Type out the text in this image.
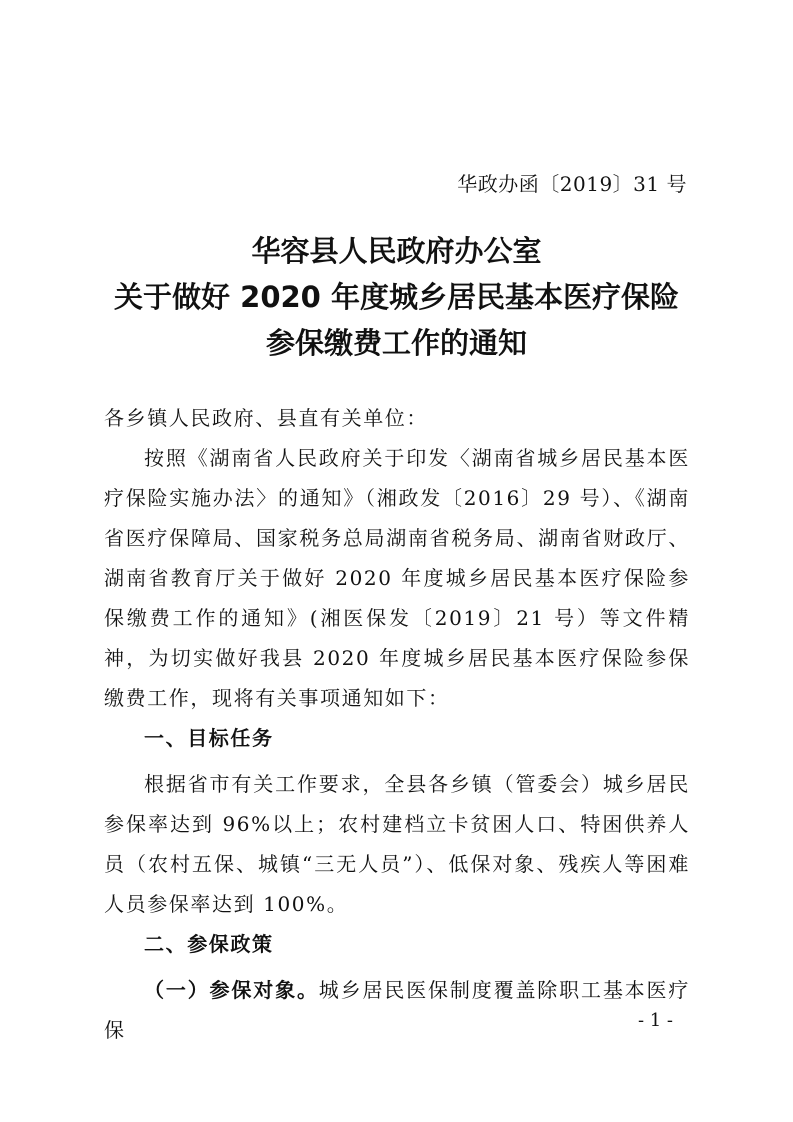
华政办函〔2019〕31 号
华容县人民政府办公室
关于做好 2020 年度城乡居民基本医疗保险
参保缴费工作的通知

各乡镇人民政府、县直有关单位：

按照《湖南省人民政府关于印发〈湖南省城乡居民基本医疗保险实施办法〉的通知》（湘政发〔2016〕29 号）、《湖南省医疗保障局、国家税务总局湖南省税务局、湖南省财政厅、湖南省教育厅关于做好 2020 年度城乡居民基本医疗保险参保缴费工作的通知》(湘医保发〔2019〕21 号）等文件精神，为切实做好我县 2020 年度城乡居民基本医疗保险参保缴费工作，现将有关事项通知如下：

一、目标任务

根据省市有关工作要求，全县各乡镇（管委会）城乡居民参保率达到 96%以上；农村建档立卡贫困人口、特困供养人员（农村五保、城镇“三无人员”）、低保对象、残疾人等困难人员参保率达到 100%。

二、参保政策

（一）参保对象。城乡居民医保制度覆盖除职工基本医疗保	- 1 -
